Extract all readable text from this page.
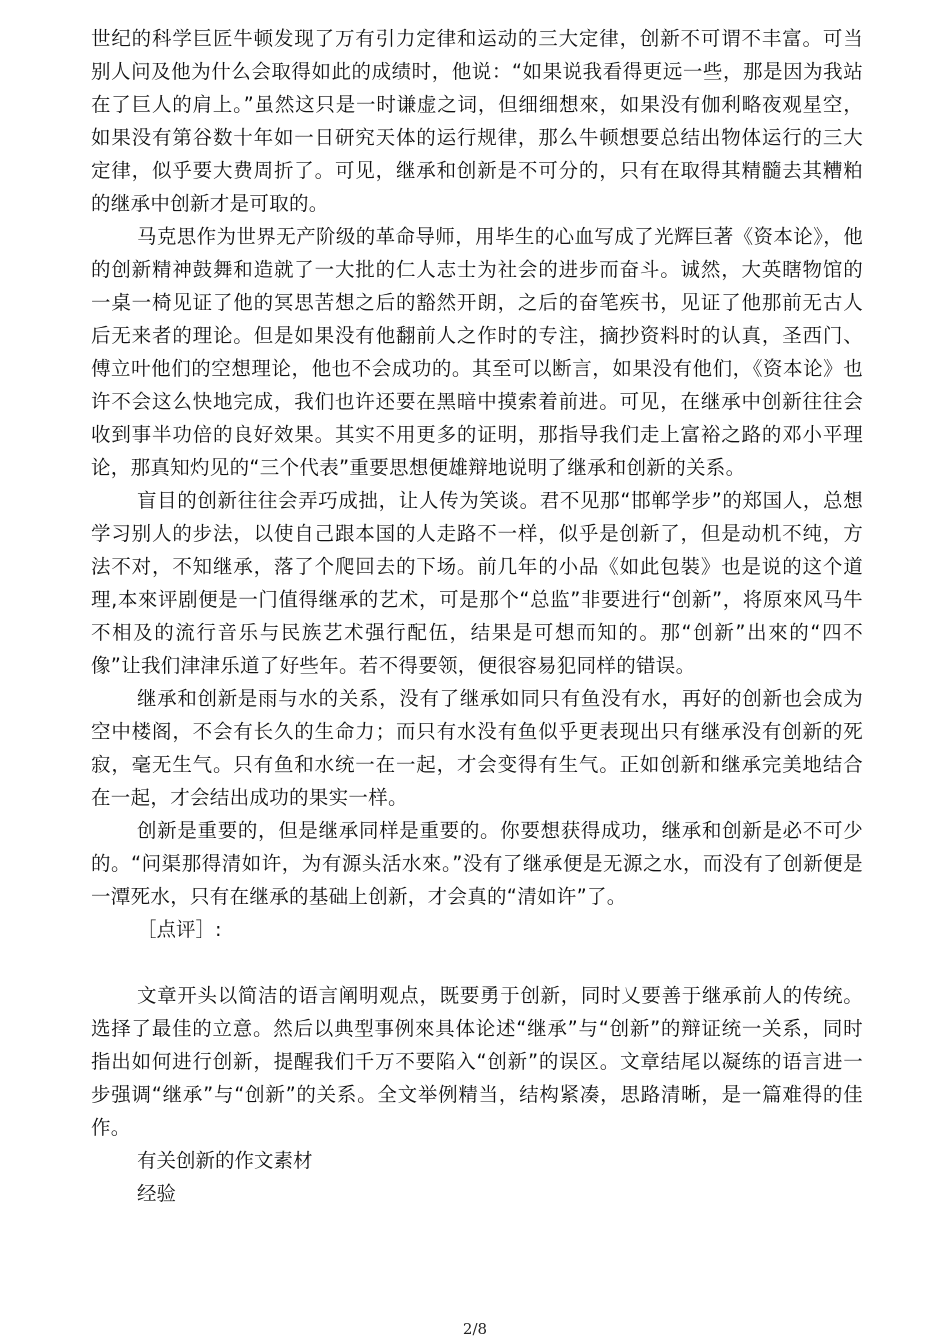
世纪的科学巨匠牛顿发现了万有引力定律和运动的三大定律，创新不可谓不丰富。可当别人问及他为什么会取得如此的成绩时，他说：“如果说我看得更远一些，那是因为我站在了巨人的肩上。”虽然这只是一时谦虚之词，但细细想來，如果没有伽利略夜观星空，如果没有第谷数十年如一日研究天体的运行规律，那么牛顿想要总结出物体运行的三大定律，似乎要大费周折了。可见，继承和创新是不可分的，只有在取得其精髓去其糟粕的继承中创新才是可取的。

马克思作为世界无产阶级的革命导师，用毕生的心血写成了光辉巨著《资本论》，他的创新精神鼓舞和造就了一大批的仁人志士为社会的进步而奋斗。诚然，大英瞎物馆的一桌一椅见证了他的冥思苦想之后的豁然开朗，之后的奋笔疾书，见证了他那前无古人后无来者的理论。但是如果没有他翻前人之作时的专注，摘抄资料时的认真，圣西门、傅立叶他们的空想理论，他也不会成功的。其至可以断言，如果没有他们，《资本论》也许不会这么快地完成，我们也许还要在黑暗中摸索着前进。可见，在继承中创新往往会收到事半功倍的良好效果。其实不用更多的证明，那指导我们走上富裕之路的邓小平理论，那真知灼见的“三个代表”重要思想便雄辩地说明了继承和创新的关系。

盲目的创新往往会弄巧成拙，让人传为笑谈。君不见那“邯郸学步”的郑国人，总想学习别人的步法，以使自己跟本国的人走路不一样，似乎是创新了，但是动机不纯，方法不对，不知继承，落了个爬回去的下场。前几年的小品《如此包裝》也是说的这个道理,本來评剧便是一门值得继承的艺术，可是那个“总监”非要进行“创新”，将原來风马牛不相及的流行音乐与民族艺术强行配伍，结果是可想而知的。那“创新”出來的“四不像”让我们津津乐道了好些年。若不得要领，便很容易犯同样的错误。

继承和创新是雨与水的关系，没有了继承如同只有鱼没有水，再好的创新也会成为空中楼阁，不会有长久的生命力；而只有水没有鱼似乎更表现出只有继承没有创新的死寂，毫无生气。只有鱼和水统一在一起，才会变得有生气。正如创新和继承完美地结合在一起，才会结出成功的果实一样。

创新是重要的，但是继承同样是重要的。你要想获得成功，继承和创新是必不可少的。“问渠那得清如许，为有源头活水來。”没有了继承便是无源之水，而没有了创新便是一潭死水，只有在继承的基础上创新，才会真的“清如许”了。

［点评］:

文章开头以简洁的语言阐明观点，既要勇于创新，同时乂要善于继承前人的传统。选择了最佳的立意。然后以典型事例來具体论述“继承”与“创新”的辩证统一关系，同时指出如何进行创新，提醒我们千万不要陷入“创新”的误区。文章结尾以凝练的语言进一步强调“继承”与“创新”的关系。全文举例精当，结构紧凑，思路清晰，是一篇难得的佳作。

有关创新的作文素材

经验

2/8
